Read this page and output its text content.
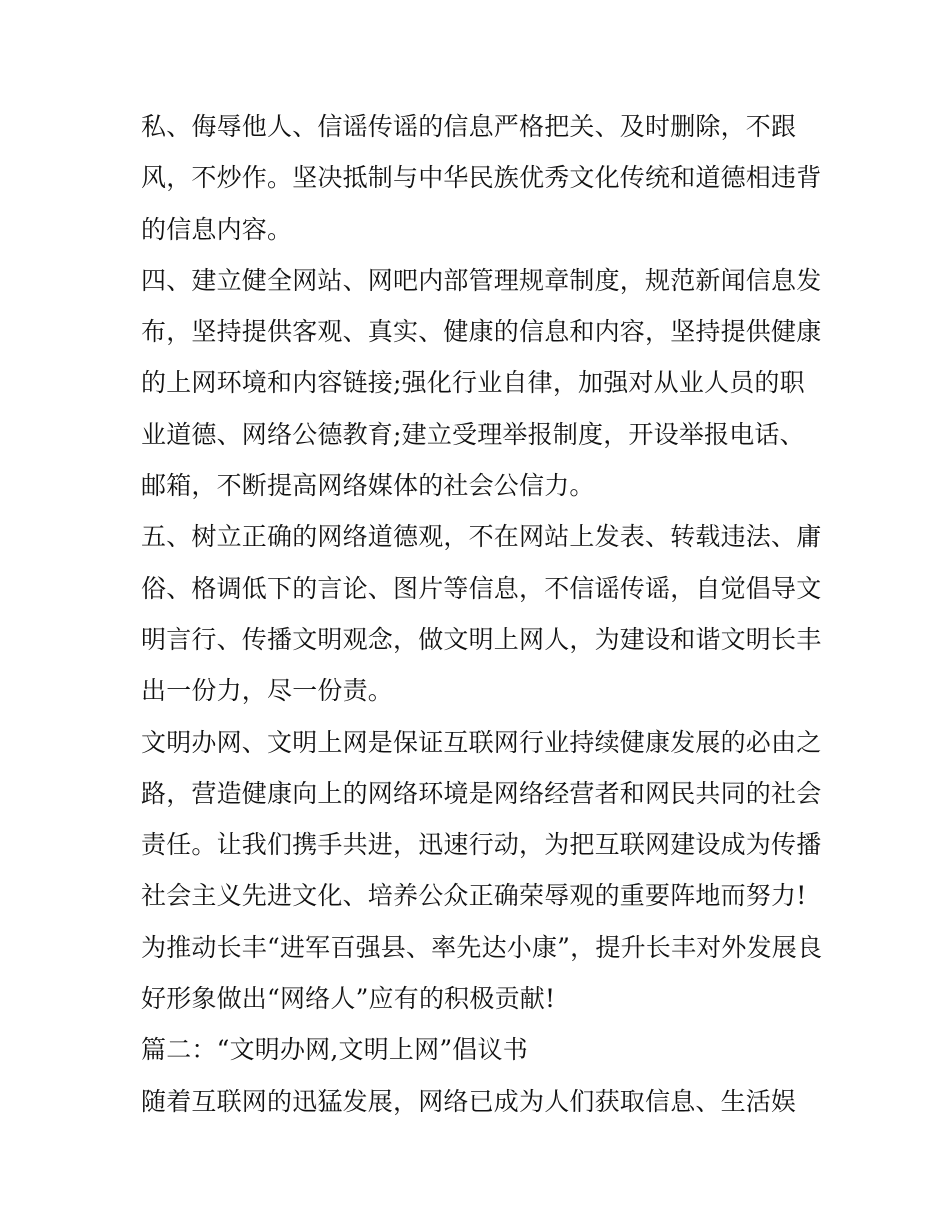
私、侮辱他人、信谣传谣的信息严格把关、及时删除，不跟
风，不炒作。坚决抵制与中华民族优秀文化传统和道德相违背
的信息内容。
四、建立健全网站、网吧内部管理规章制度，规范新闻信息发
布，坚持提供客观、真实、健康的信息和内容，坚持提供健康
的上网环境和内容链接;强化行业自律，加强对从业人员的职
业道德、网络公德教育;建立受理举报制度，开设举报电话、
邮箱，不断提高网络媒体的社会公信力。
五、树立正确的网络道德观，不在网站上发表、转载违法、庸
俗、格调低下的言论、图片等信息，不信谣传谣，自觉倡导文
明言行、传播文明观念，做文明上网人，为建设和谐文明长丰
出一份力，尽一份责。
文明办网、文明上网是保证互联网行业持续健康发展的必由之
路，营造健康向上的网络环境是网络经营者和网民共同的社会
责任。让我们携手共进，迅速行动，为把互联网建设成为传播
社会主义先进文化、培养公众正确荣辱观的重要阵地而努力!
为推动长丰“进军百强县、率先达小康”，提升长丰对外发展良
好形象做出“网络人”应有的积极贡献!
篇二：“文明办网,文明上网”倡议书
随着互联网的迅猛发展，网络已成为人们获取信息、生活娱
